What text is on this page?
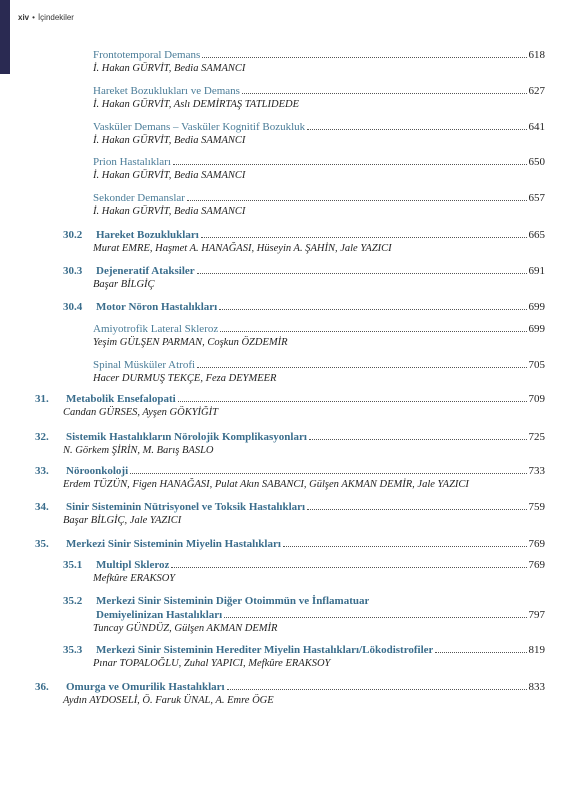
xiv • İçindekiler
Frontotemporal Demans	618
İ. Hakan GÜRVİT, Bedia SAMANCI
Hareket Bozuklukları ve Demans	627
İ. Hakan GÜRVİT, Aslı DEMİRTAŞ TATLIDEDE
Vasküler Demans – Vasküler Kognitif Bozukluk	641
İ. Hakan GÜRVİT, Bedia SAMANCI
Prion Hastalıkları	650
İ. Hakan GÜRVİT, Bedia SAMANCI
Sekonder Demanslar	657
İ. Hakan GÜRVİT, Bedia SAMANCI
30.2 Hareket Bozuklukları	665
Murat EMRE, Haşmet A. HANAĞASI, Hüseyin A. ŞAHİN, Jale YAZICI
30.3 Dejeneratif Ataksiler	691
Başar BİLGİÇ
30.4 Motor Nöron Hastalıkları	699
Amiyotrofik Lateral Skleroz	699
Yeşim GÜLŞEN PARMAN, Coşkun ÖZDEMİR
Spinal Müsküler Atrofi	705
Hacer DURMUŞ TEKÇE, Feza DEYMEER
31. Metabolik Ensefalopati	709
Candan GÜRSES, Ayşen GÖKYİĞİT
32. Sistemik Hastalıkların Nörolojik Komplikasyonları	725
N. Görkem ŞİRİN, M. Barış BASLO
33. Nöroonkoloji	733
Erdem TÜZÜN, Figen HANAĞASI, Pulat Akın SABANCI, Gülşen AKMAN DEMİR, Jale YAZICI
34. Sinir Sisteminin Nütrisyonel ve Toksik Hastalıkları	759
Başar BİLGİÇ, Jale YAZICI
35. Merkezi Sinir Sisteminin Miyelin Hastalıkları	769
35.1 Multipl Skleroz	769
Mefkûre ERAKSOY
35.2 Merkezi Sinir Sisteminin Diğer Otoimmün ve İnflamatuar
Demiyelinizan Hastalıkları	797
Tuncay GÜNDÜZ, Gülşen AKMAN DEMİR
35.3 Merkezi Sinir Sisteminin Herediter Miyelin Hastalıkları/Lökodistrofiler	819
Pınar TOPALOĞLU, Zuhal YAPICI, Mefkûre ERAKSOY
36. Omurga ve Omurilik Hastalıkları	833
Aydın AYDOSELİ, Ö. Faruk ÜNAL, A. Emre ÖGE
